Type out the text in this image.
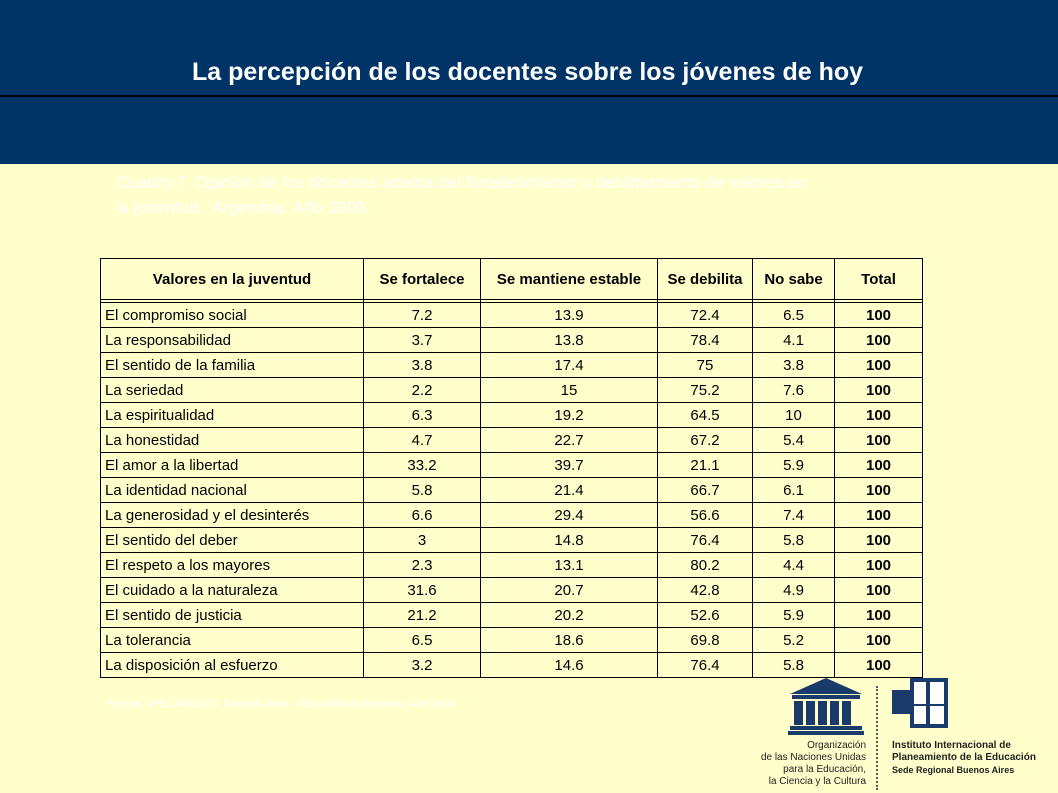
La percepción de los docentes sobre los jóvenes de hoy
Cuadro 7. Opinión de los docentes acerca del fortalecimiento o debilitamiento de valores en la juventud . Argentina. Año 2000
Valores en la juventud	Se fortalece	Se mantiene estable	Se debilita	No sabe	Total

El compromiso social	7.2	13.9	72.4	6.5	100
La responsabilidad	3.7	13.8	78.4	4.1	100
El sentido de la familia	3.8	17.4	75	3.8	100
La seriedad	2.2	15	75.2	7.6	100
La espiritualidad	6.3	19.2	64.5	10	100
La honestidad	4.7	22.7	67.2	5.4	100
El amor a la libertad	33.2	39.7	21.1	5.9	100
La identidad nacional	5.8	21.4	66.7	6.1	100
La generosidad y el desinterés	6.6	29.4	56.6	7.4	100
El sentido del deber	3	14.8	76.4	5.8	100
El respeto a los mayores	2.3	13.1	80.2	4.4	100
El cuidado a la naturaleza	31.6	20.7	42.8	4.9	100
El sentido de justicia	21.2	20.2	52.6	5.9	100
La tolerancia	6.5	18.6	69.8	5.2	100
La disposición al esfuerzo	3.2	14.6	76.4	5.8	100
Fuente: IIPE-UNESCO, Buenos Aires – Encuesta a docentes. Año 2000
Organización
de las Naciones Unidas
para la Educación,
la Ciencia y la Cultura
Instituto Internacional de
Planeamiento de la Educación
Sede Regional Buenos Aires
